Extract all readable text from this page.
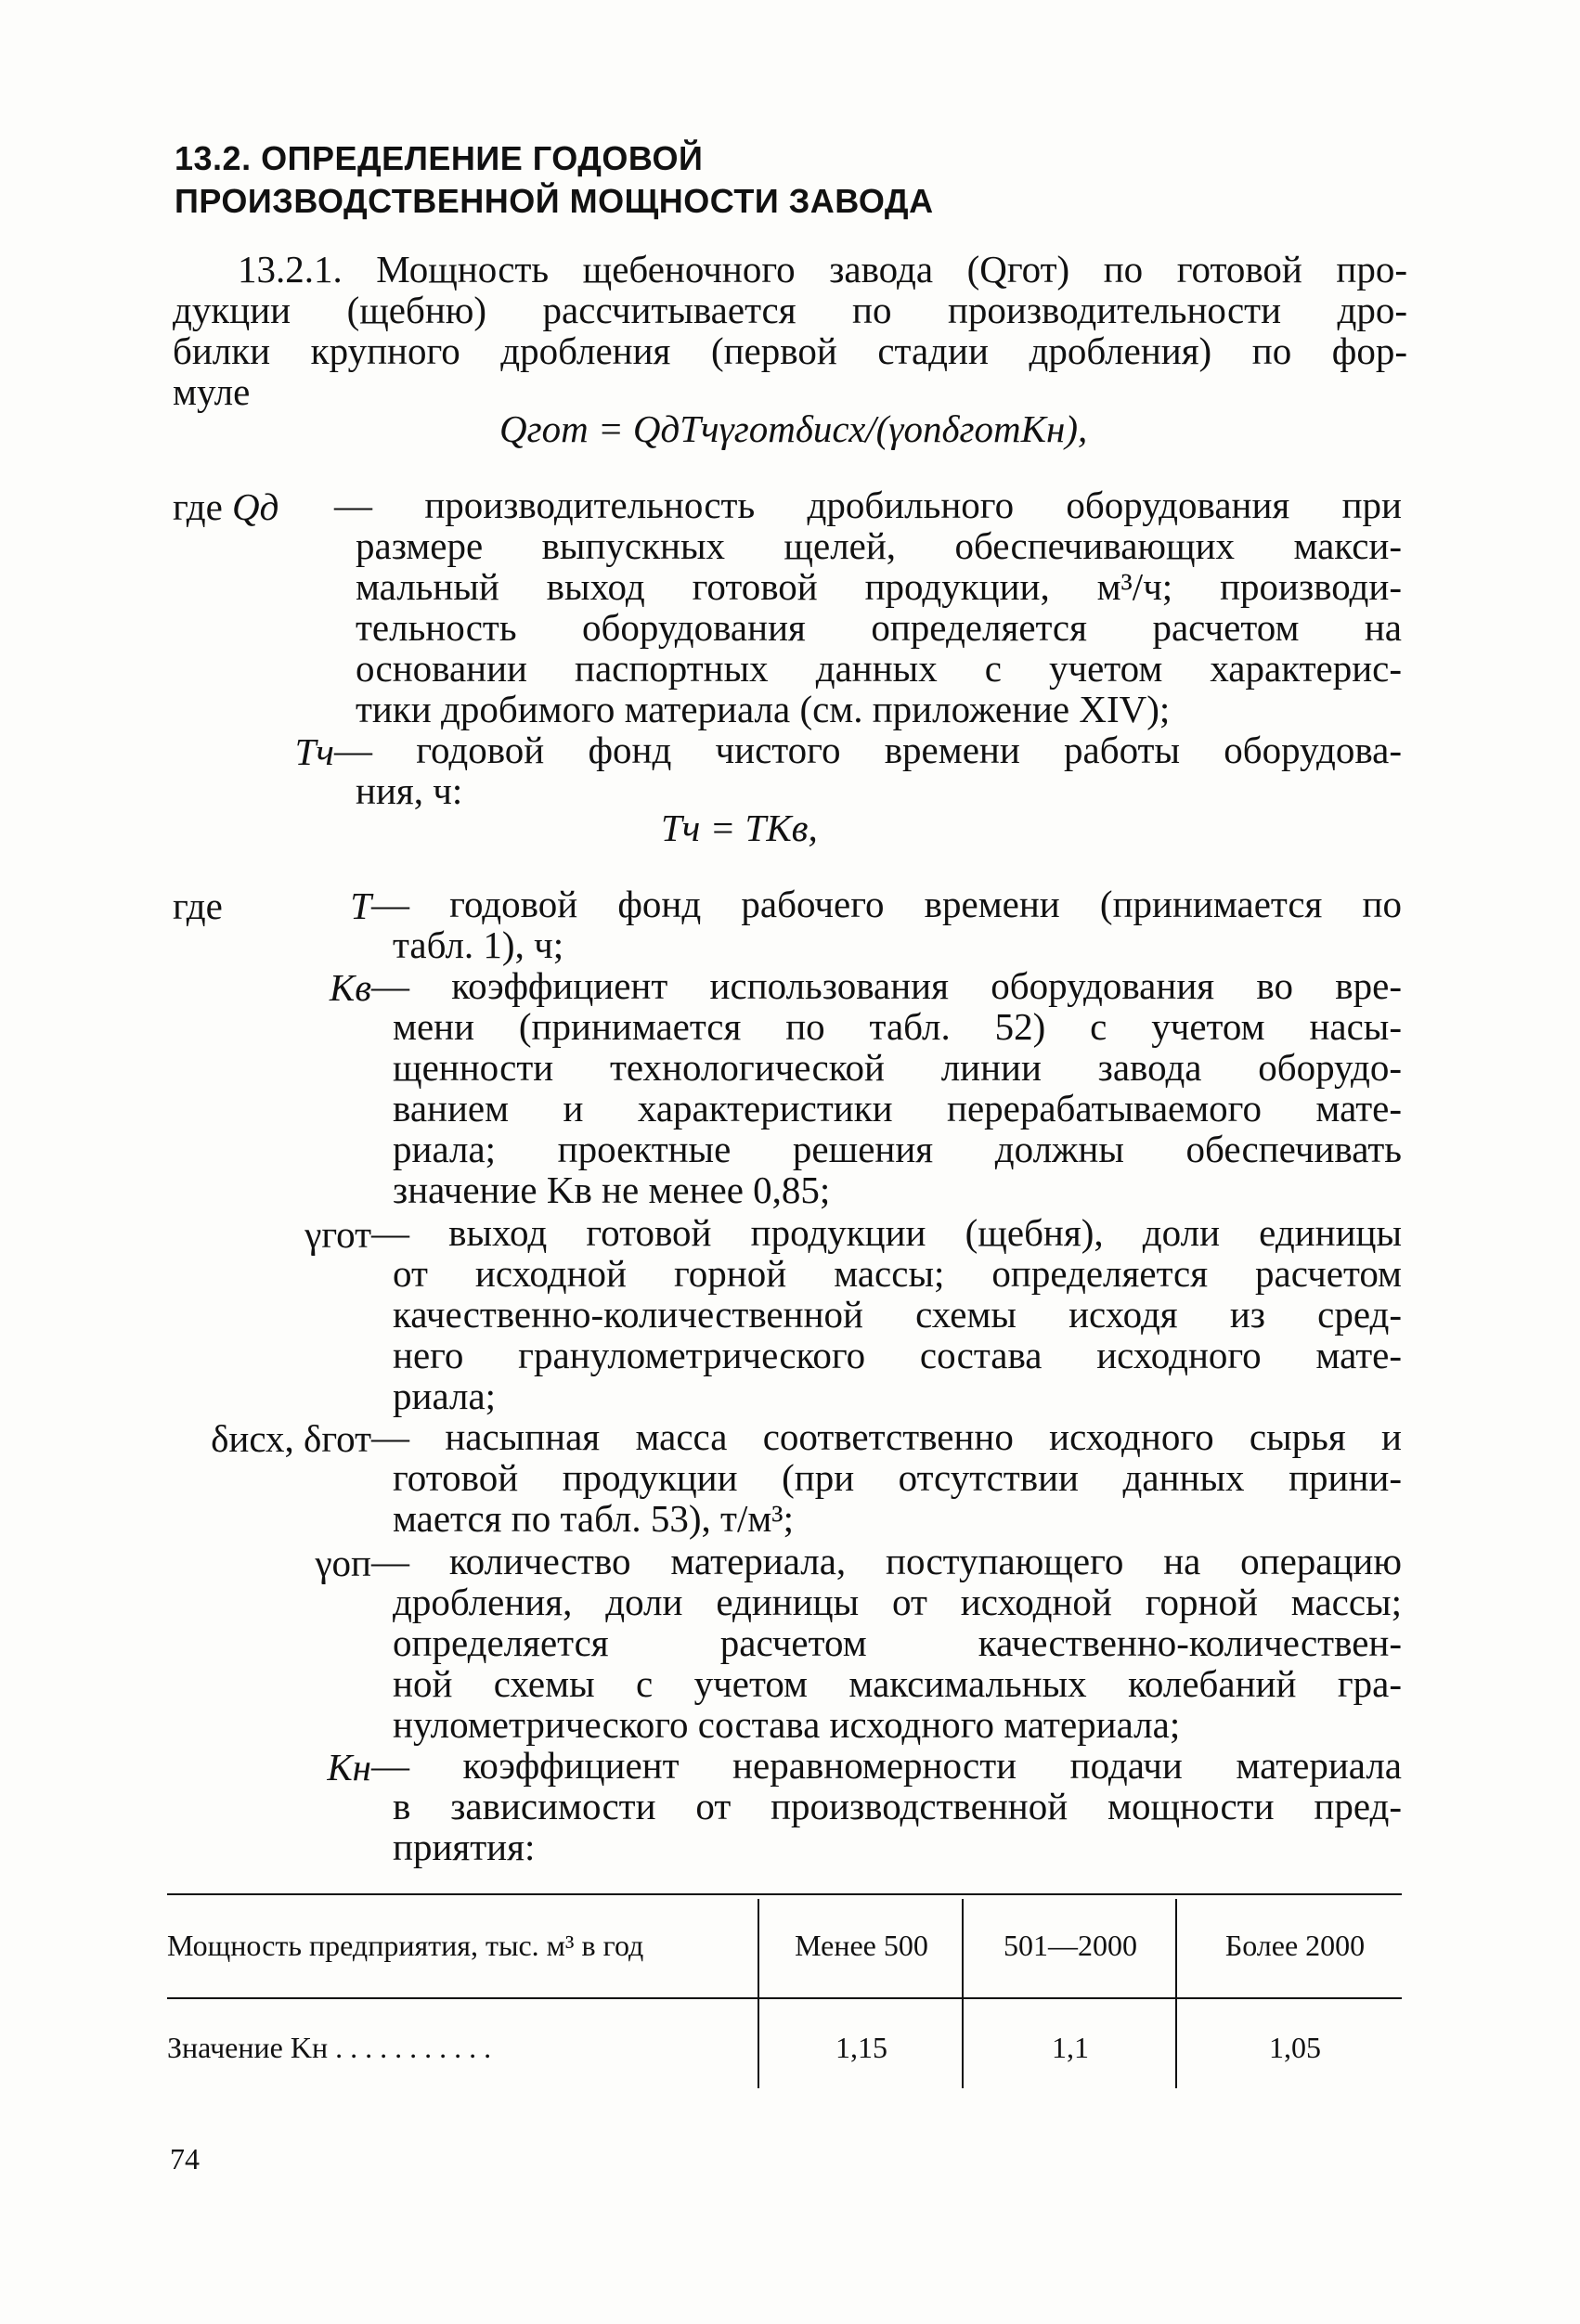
13.2. ОПРЕДЕЛЕНИЕ ГОДОВОЙ
ПРОИЗВОДСТВЕННОЙ МОЩНОСТИ ЗАВОДА
13.2.1. Мощность щебеночного завода (Qгот) по готовой про-
дукции (щебню) рассчитывается по производительности дро-
билки крупного дробления (первой стадии дробления) по фор-
муле
Qгот = QдTчγготδисх/(γопδготKн),
где Qд	— производительность дробильного оборудования при
размере выпускных щелей, обеспечивающих макси-
мальный выход готовой продукции, м³/ч; производи-
тельность оборудования определяется расчетом на
основании паспортных данных с учетом характерис-
тики дробимого материала (см. приложение XIV);
Tч — годовой фонд чистого времени работы оборудова-
ния, ч:
Tч = TKв,
где	T — годовой фонд рабочего времени (принимается по
табл. 1), ч;
Kв — коэффициент использования оборудования во вре-
мени (принимается по табл. 52) с учетом насы-
щенности технологической линии завода оборудо-
ванием и характеристики перерабатываемого мате-
риала; проектные решения должны обеспечивать
значение Kв не менее 0,85;
γгот — выход готовой продукции (щебня), доли единицы
от исходной горной массы; определяется расчетом
качественно-количественной схемы исходя из сред-
него гранулометрического состава исходного мате-
риала;
δисх, δгот — насыпная масса соответственно исходного сырья и
готовой продукции (при отсутствии данных прини-
мается по табл. 53), т/м³;
γоп — количество материала, поступающего на операцию
дробления, доли единицы от исходной горной массы;
определяется расчетом качественно-количествен-
ной схемы с учетом максимальных колебаний гра-
нулометрического состава исходного материала;
Kн — коэффициент неравномерности подачи материала
в зависимости от производственной мощности пред-
приятия:
Мощность предприятия, тыс. м³ в год	Менее 500	501—2000	Более 2000
Значение Kн . . . . . . . . . . .	1,15	1,1	1,05
74
